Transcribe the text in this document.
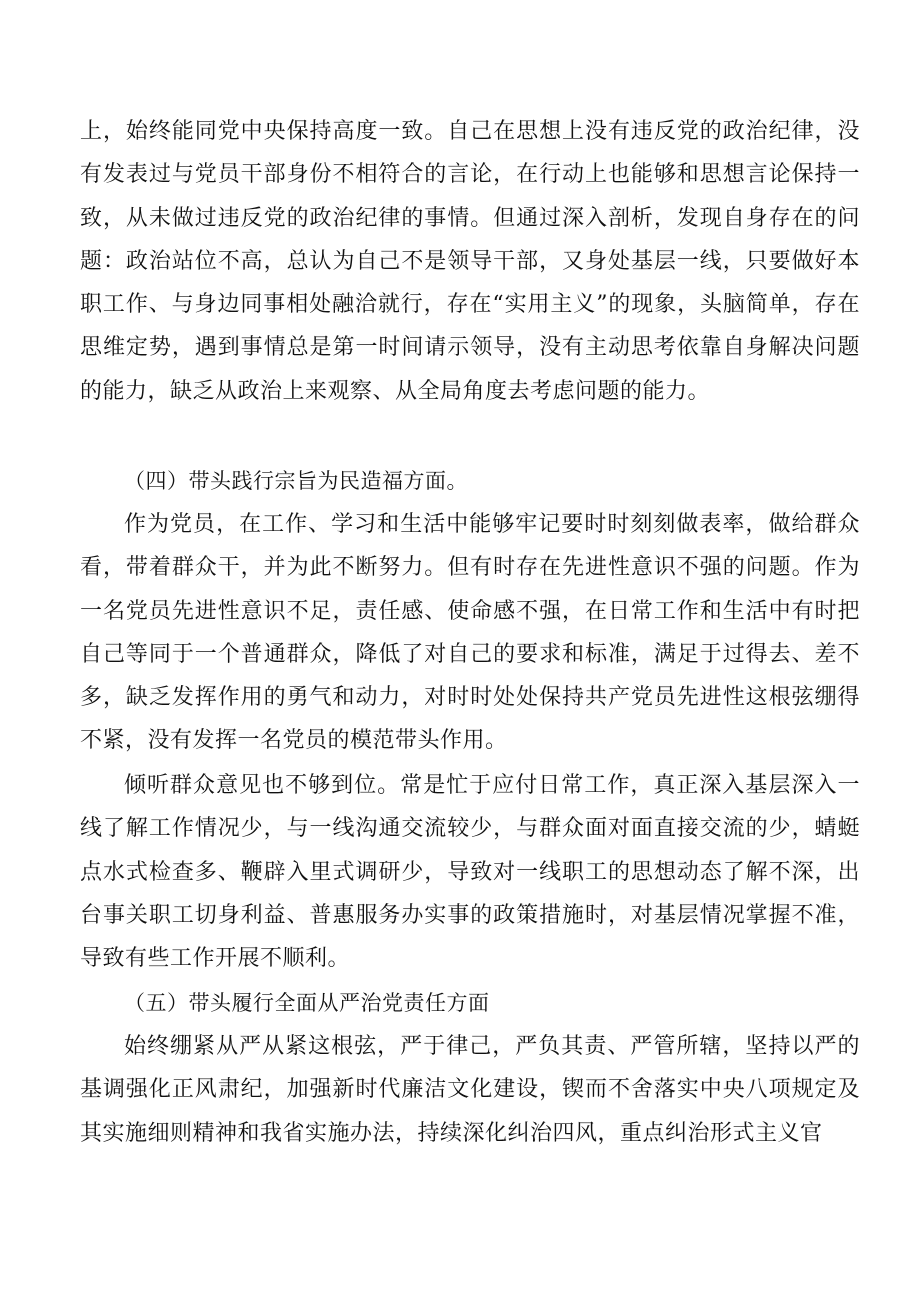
上，始终能同党中央保持高度一致。自己在思想上没有违反党的政治纪律，没有发表过与党员干部身份不相符合的言论，在行动上也能够和思想言论保持一致，从未做过违反党的政治纪律的事情。但通过深入剖析，发现自身存在的问题：政治站位不高，总认为自己不是领导干部，又身处基层一线，只要做好本职工作、与身边同事相处融洽就行，存在“实用主义”的现象，头脑简单，存在思维定势，遇到事情总是第一时间请示领导，没有主动思考依靠自身解决问题的能力，缺乏从政治上来观察、从全局角度去考虑问题的能力。

（四）带头践行宗旨为民造福方面。

作为党员，在工作、学习和生活中能够牢记要时时刻刻做表率，做给群众看，带着群众干，并为此不断努力。但有时存在先进性意识不强的问题。作为一名党员先进性意识不足，责任感、使命感不强，在日常工作和生活中有时把自己等同于一个普通群众，降低了对自己的要求和标准，满足于过得去、差不多，缺乏发挥作用的勇气和动力，对时时处处保持共产党员先进性这根弦绷得不紧，没有发挥一名党员的模范带头作用。

倾听群众意见也不够到位。常是忙于应付日常工作，真正深入基层深入一线了解工作情况少，与一线沟通交流较少，与群众面对面直接交流的少，蜻蜓点水式检查多、鞭辟入里式调研少，导致对一线职工的思想动态了解不深，出台事关职工切身利益、普惠服务办实事的政策措施时，对基层情况掌握不准，导致有些工作开展不顺利。

（五）带头履行全面从严治党责任方面

始终绷紧从严从紧这根弦，严于律己，严负其责、严管所辖，坚持以严的基调强化正风肃纪，加强新时代廉洁文化建设，锲而不舍落实中央八项规定及其实施细则精神和我省实施办法，持续深化纠治四风，重点纠治形式主义官
